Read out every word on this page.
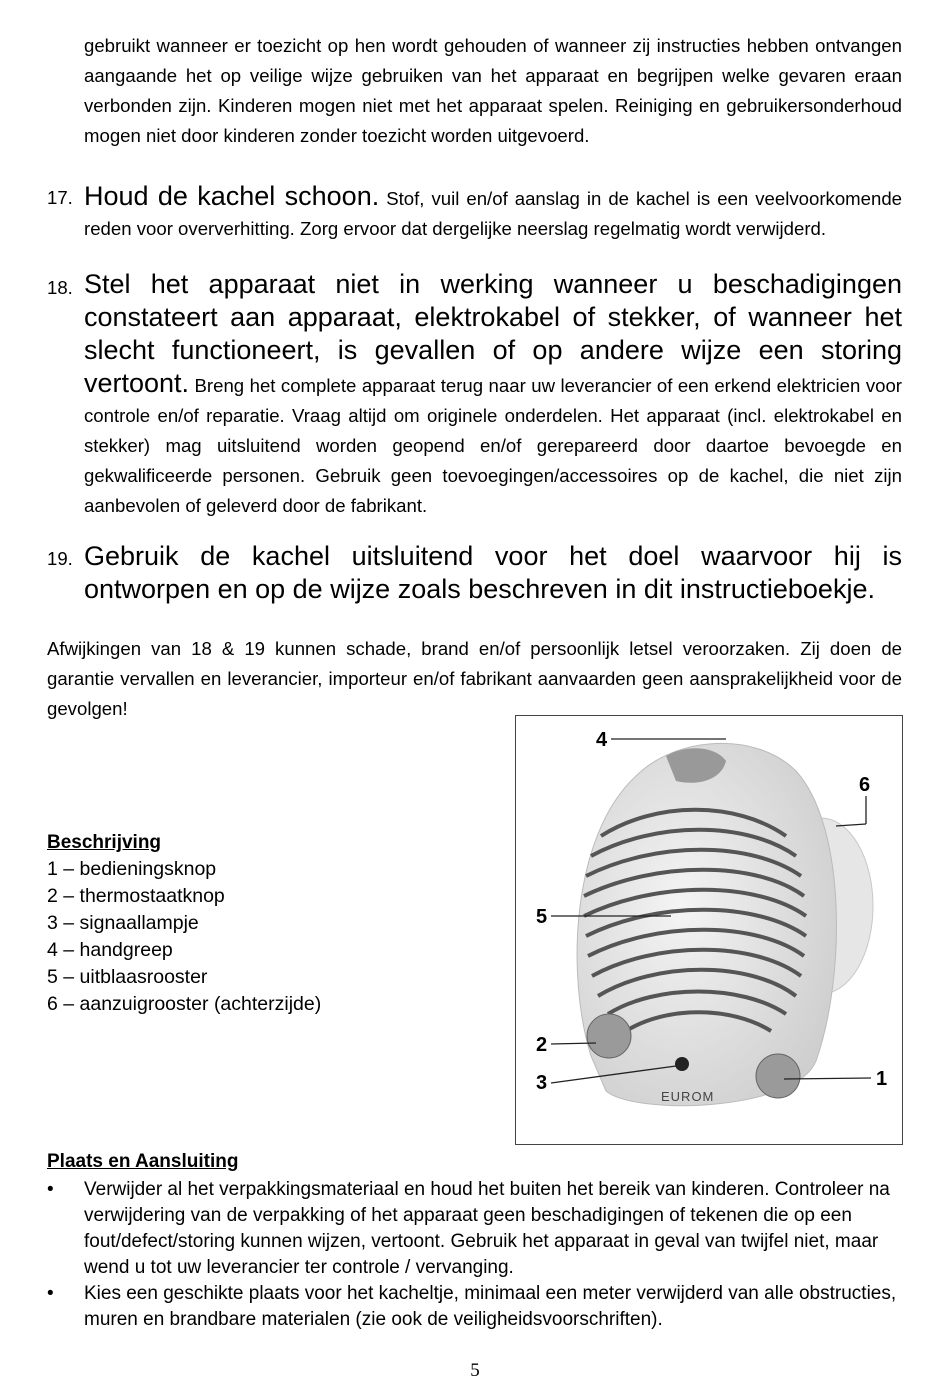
gebruikt wanneer er toezicht op hen wordt gehouden of wanneer zij instructies hebben ontvangen aangaande het op veilige wijze gebruiken van het apparaat en begrijpen welke gevaren eraan verbonden zijn. Kinderen mogen niet met het apparaat spelen. Reiniging en gebruikersonderhoud mogen niet door kinderen zonder toezicht worden uitgevoerd.
17. Houd de kachel schoon. Stof, vuil en/of aanslag in de kachel is een veelvoorkomende reden voor oververhitting. Zorg ervoor dat dergelijke neerslag regelmatig wordt verwijderd.
18. Stel het apparaat niet in werking wanneer u beschadigingen constateert aan apparaat, elektrokabel of stekker, of wanneer het slecht functioneert, is gevallen of op andere wijze een storing vertoont. Breng het complete apparaat terug naar uw leverancier of een erkend elektricien voor controle en/of reparatie. Vraag altijd om originele onderdelen. Het apparaat (incl. elektrokabel en stekker) mag uitsluitend worden geopend en/of gerepareerd door daartoe bevoegde en gekwalificeerde personen. Gebruik geen toevoegingen/accessoires op de kachel, die niet zijn aanbevolen of geleverd door de fabrikant.
19. Gebruik de kachel uitsluitend voor het doel waarvoor hij is ontworpen en op de wijze zoals beschreven in dit instructieboekje.
Afwijkingen van 18 & 19 kunnen schade, brand en/of persoonlijk letsel veroorzaken. Zij doen de garantie vervallen en leverancier, importeur en/of fabrikant aanvaarden geen aansprakelijkheid voor de gevolgen!
Beschrijving
1 – bedieningsknop
2 – thermostaatknop
3 – signaallampje
4 – handgreep
5 – uitblaasrooster
6 – aanzuigrooster (achterzijde)
EUROM
4
6
5
2
3	1
Plaats en Aansluiting
• Verwijder al het verpakkingsmateriaal en houd het buiten het bereik van kinderen. Controleer na verwijdering van de verpakking of het apparaat geen beschadigingen of tekenen die op een fout/defect/storing kunnen wijzen, vertoont. Gebruik het apparaat in geval van twijfel niet, maar wend u tot uw leverancier ter controle / vervanging.
• Kies een geschikte plaats voor het kacheltje, minimaal een meter verwijderd van alle obstructies, muren en brandbare materialen (zie ook de veiligheidsvoorschriften).
5
